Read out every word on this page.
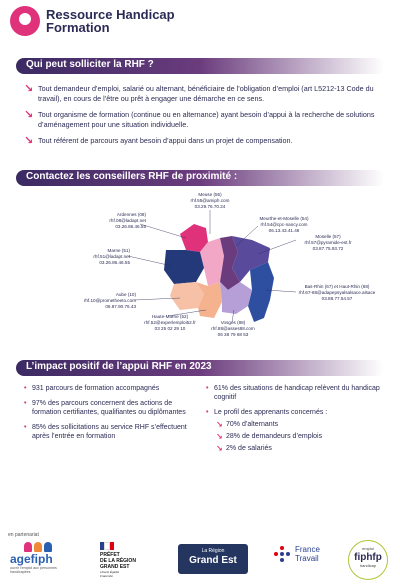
Ressource Handicap
Formation
Qui peut solliciter la RHF ?
↘ Tout demandeur d’emploi, salarié ou alternant, bénéficiaire de l’obligation d’emploi (art L5212-13 Code du travail), en cours de l’être ou prêt à engager une démarche en ce sens.
↘ Tout organisme de formation (continue ou en alternance) ayant besoin d’appui à la recherche de solutions d’aménagement pour une situation individuelle.
↘ Tout référent de parcours ayant besoin d’appui dans un projet de compensation.
Contactez les conseillers RHF de proximité :
Ardennes (08)
rhf.08@ladapt.net
03.26.86.46.55
Meuse (55)
rhf.55@amiph.com
03.29.76.70.24
Meurthe-et-Moselle (54)
rhf.54@cpc-nancy.com
06.13.43.41.46
Moselle (57)
rhf.57@pyramide-est.fr
03.87.75.93.72
Marne (51)
rhf.51@ladapt.net
03.26.86.46.55
Aube (10)
rhf.10@prometheeto.com
06.87.90.76.43
Bas-Rhin (67) et Haut-Rhin (68)
rhf.67-68@adapepsyalsalsace.alsace
03.88.77.54.57
Haute-Marne (52)
rhf.52@experlemploi52.fr
03 25 02 29 10
Vosges (88)
rhf.88@asses88.com
06 38 79 68 53
L’impact positif de l’appui RHF en 2023
• 931 parcours de formation accompagnés
• 97% des parcours concernent des actions de formation certifiantes, qualifiantes ou diplômantes
• 85% des sollicitations au service RHF s’effectuent après l’entrée en formation
• 61% des situations de handicap relèvent du handicap cognitif
• Le profil des apprenants concernés :
↘ 70% d’alternants
↘ 28% de demandeurs d’emplois
↘ 2% de salariés
en partenariat
agefiph
ouvrir l’emploi aux personnes handicapées
PRÉFET
DE LA RÉGION
GRAND EST
Liberté Égalité Fraternité
La Région
Grand Est
France
Travail
emploi
fiphfp
handicap
